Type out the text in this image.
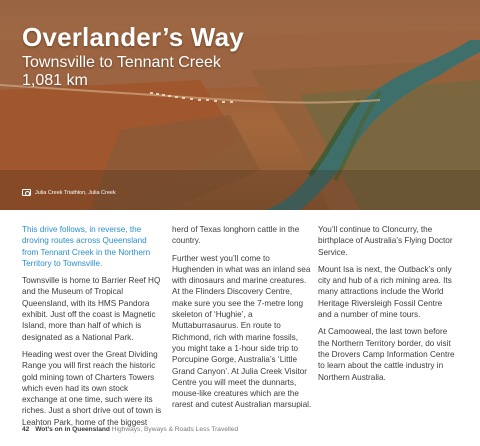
Overlander’s Way
Townsville to Tennant Creek
1,081 km
Julia Creek Triathlon, Julia Creek

This drive follows, in reverse, the droving routes across Queensland from Tennant Creek in the Northern Territory to Townsville.

Townsville is home to Barrier Reef HQ and the Museum of Tropical Queensland, with its HMS Pandora exhibit. Just off the coast is Magnetic Island, more than half of which is designated as a National Park.

Heading west over the Great Dividing Range you will first reach the historic gold mining town of Charters Towers which even had its own stock exchange at one time, such were its riches. Just a short drive out of town is Leahton Park, home of the biggest

herd of Texas longhorn cattle in the country.

Further west you’ll come to Hughenden in what was an inland sea with dinosaurs and marine creatures. At the Flinders Discovery Centre, make sure you see the 7-metre long skeleton of ‘Hughie’, a Muttaburrasaurus. En route to Richmond, rich with marine fossils, you might take a 1-hour side trip to Porcupine Gorge, Australia’s ‘Little Grand Canyon’. At Julia Creek Visitor Centre you will meet the dunnarts, mouse-like creatures which are the rarest and cutest Australian marsupial.

You’ll continue to Cloncurry, the birthplace of Australia’s Flying Doctor Service.

Mount Isa is next, the Outback’s only city and hub of a rich mining area. Its many attractions include the World Heritage Riversleigh Fossil Centre and a number of mine tours.

At Camooweal, the last town before the Northern Territory border, do visit the Drovers Camp Information Centre to learn about the cattle industry in Northern Australia.

42 Wot’s on in Queensland Highways, Byways & Roads Less Travelled
